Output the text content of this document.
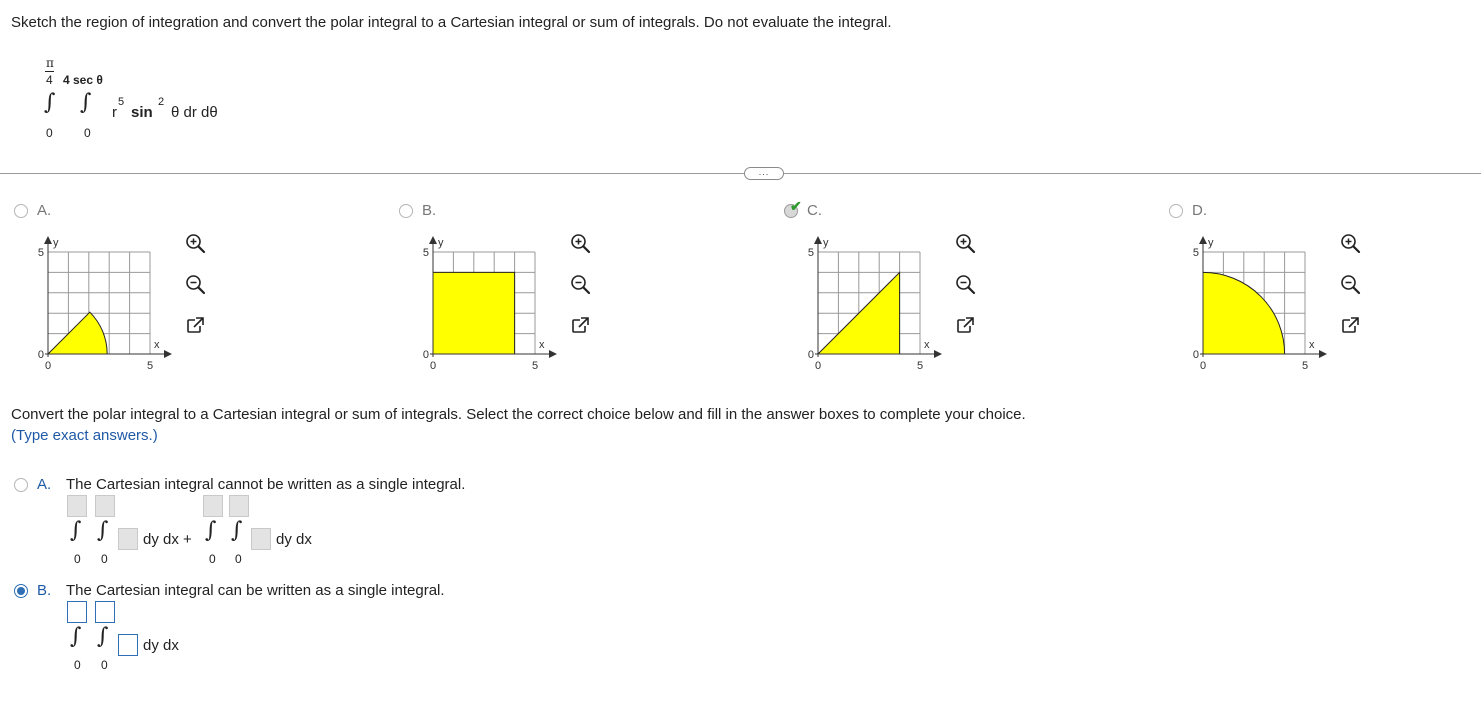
Sketch the region of integration and convert the polar integral to a Cartesian integral or sum of integrals. Do not evaluate the integral.
π
4 4 sec θ
∫ ∫
0	0
r
5
sin
2
θ dr dθ
...
A.
y
x
5
0
0	5
B.
y
x
5
0
0	5
✔ C.
y
x
5
0
0	5
D.
y
x
5
0
0	5
Convert the polar integral to a Cartesian integral or sum of integrals. Select the correct choice below and fill in the answer boxes to complete your choice.
(Type exact answers.)
A. The Cartesian integral cannot be written as a single integral.
∫ ∫
0 0
dy dx + ∫ ∫
0 0
dy dx
B. The Cartesian integral can be written as a single integral.
∫ ∫
0 0
dy dx
